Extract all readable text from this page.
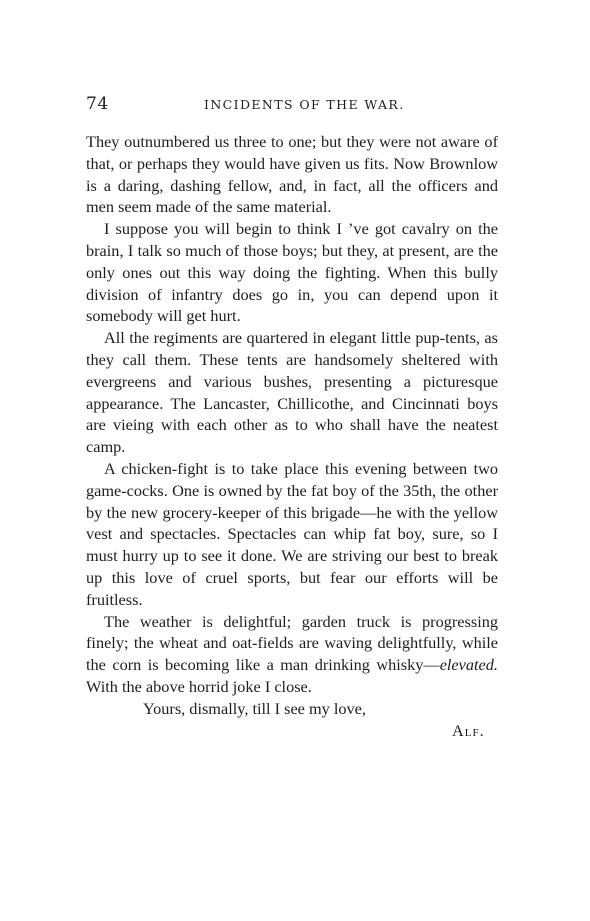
74	INCIDENTS OF THE WAR.

They outnumbered us three to one; but they were not aware of that, or perhaps they would have given us fits. Now Brownlow is a daring, dashing fellow, and, in fact, all the officers and men seem made of the same material.

I suppose you will begin to think I ’ve got cavalry on the brain, I talk so much of those boys; but they, at present, are the only ones out this way doing the fighting. When this bully division of infantry does go in, you can depend upon it somebody will get hurt.

All the regiments are quartered in elegant little pup-tents, as they call them. These tents are handsomely sheltered with evergreens and various bushes, presenting a picturesque appearance. The Lancaster, Chillicothe, and Cincinnati boys are vieing with each other as to who shall have the neatest camp.

A chicken-fight is to take place this evening between two game-cocks. One is owned by the fat boy of the 35th, the other by the new grocery-keeper of this brigade—he with the yellow vest and spectacles. Spectacles can whip fat boy, sure, so I must hurry up to see it done. We are striving our best to break up this love of cruel sports, but fear our efforts will be fruitless.

The weather is delightful; garden truck is progressing finely; the wheat and oat-fields are waving delightfully, while the corn is becoming like a man drinking whisky—elevated. With the above horrid joke I close.

Yours, dismally, till I see my love,

Alf.
